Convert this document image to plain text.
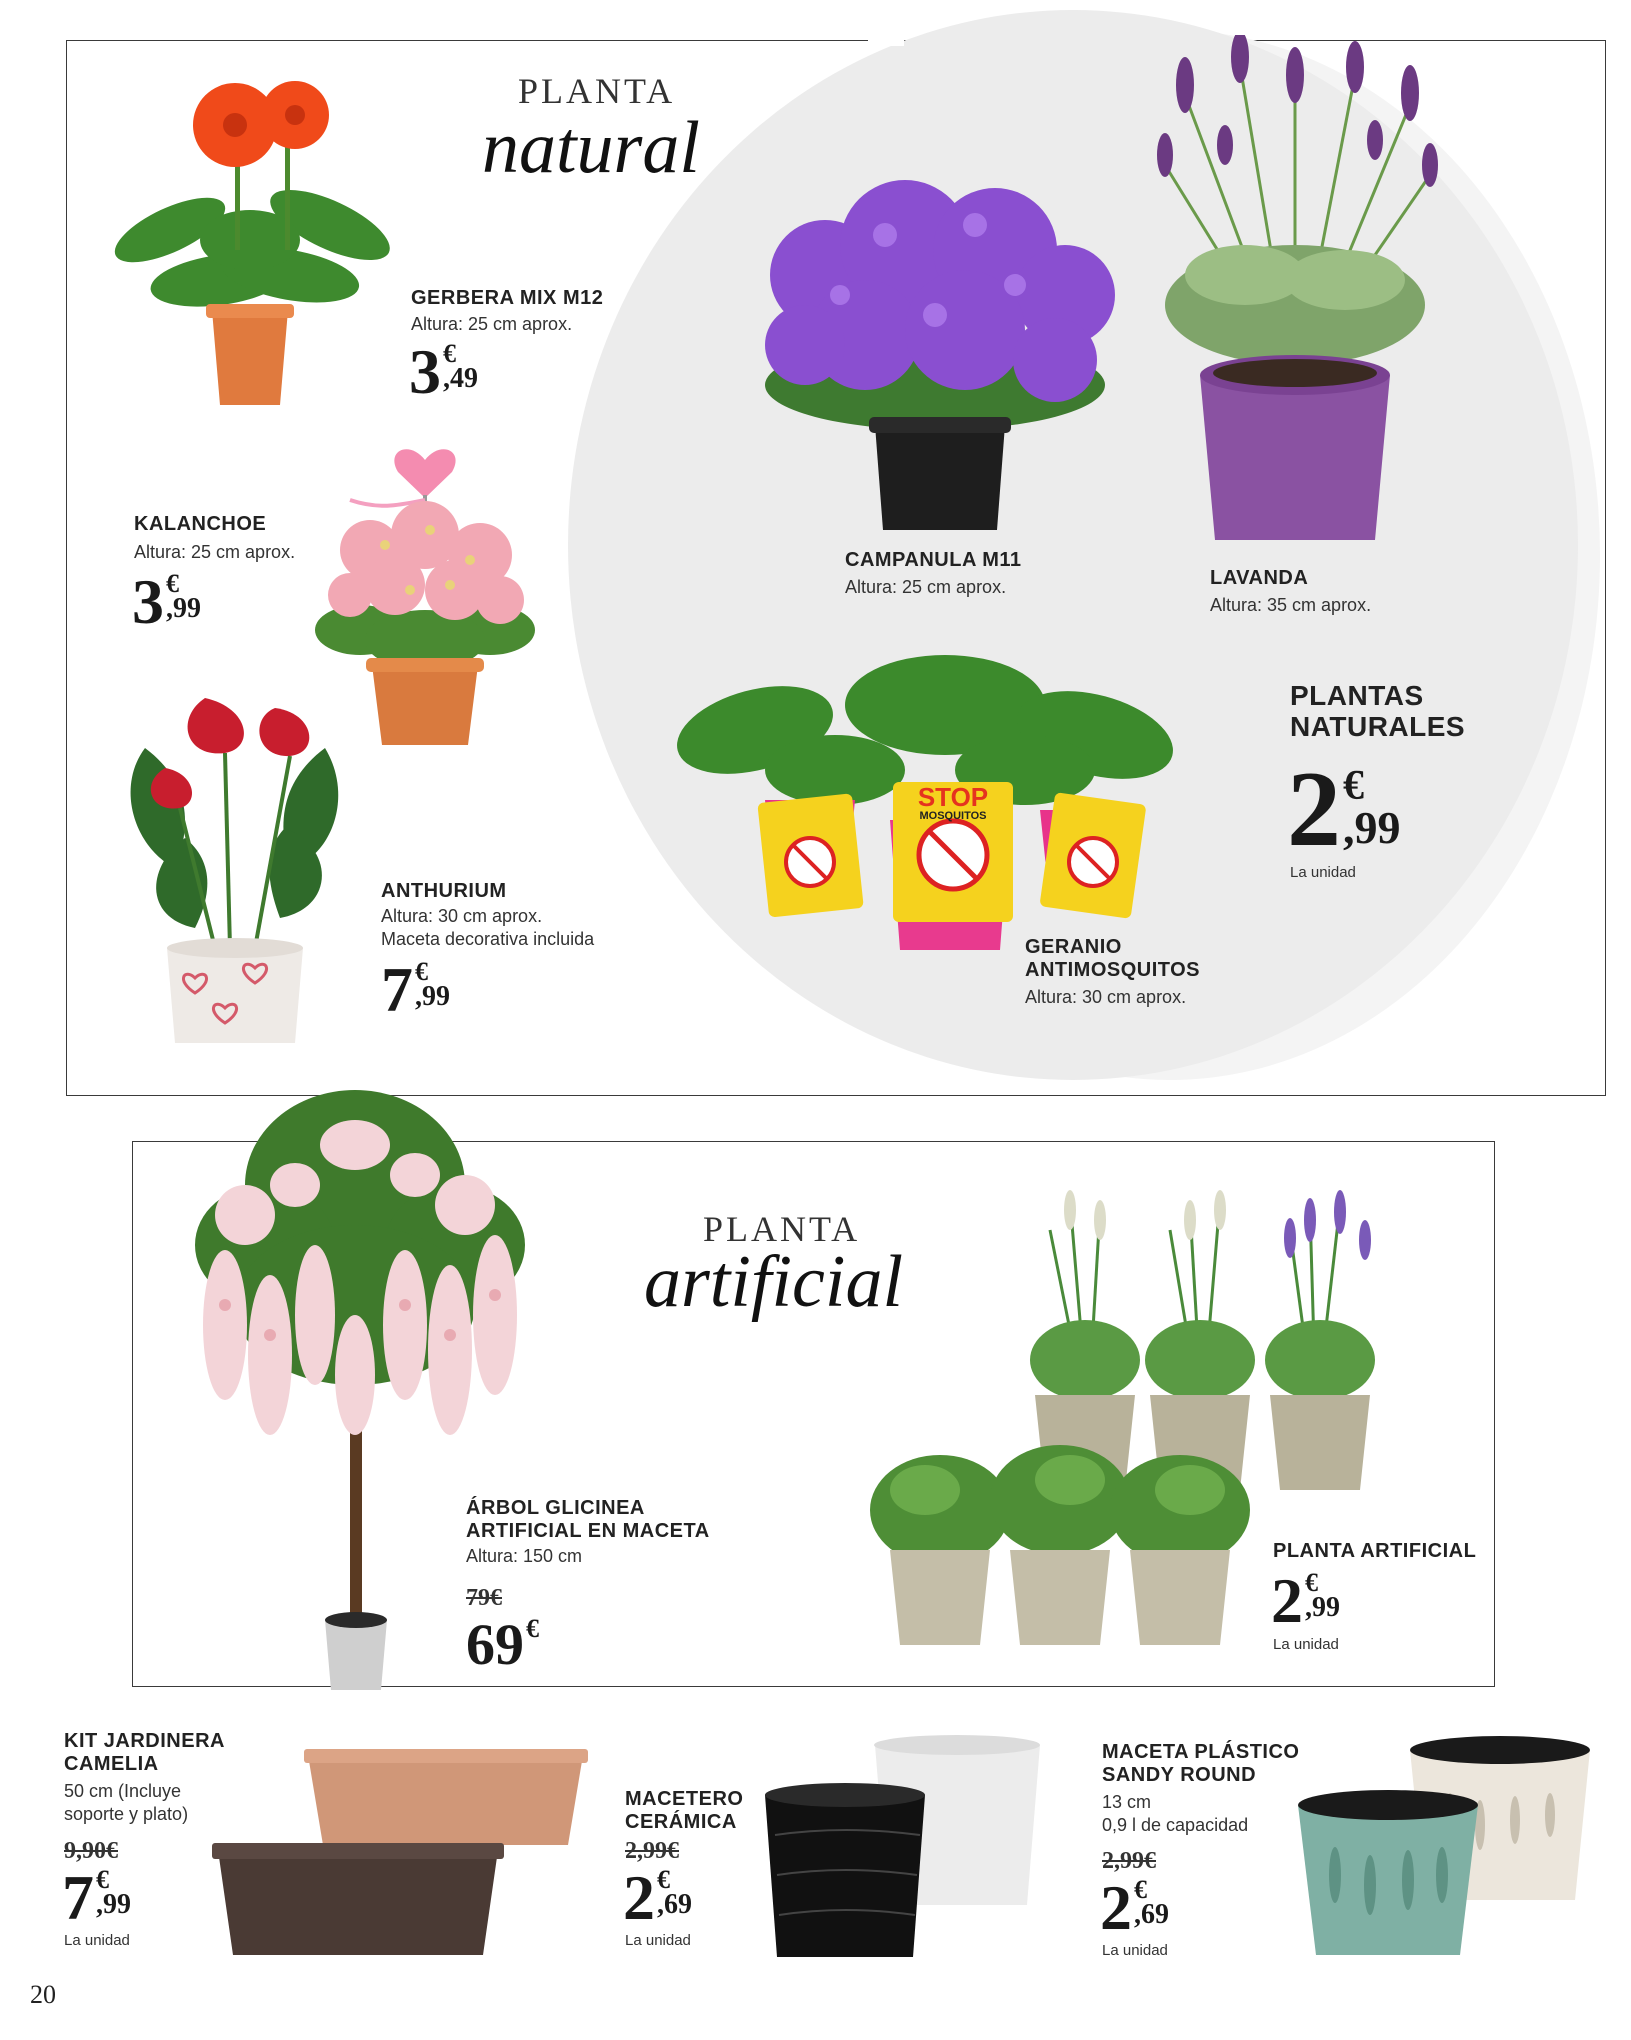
PLANTA
natural
GERBERA MIX M12
Altura: 25 cm aprox.
3 €
,49
KALANCHOE
Altura: 25 cm aprox.
3 €
,99
ANTHURIUM
Altura: 30 cm aprox.
Maceta decorativa incluida
7 €
,99
CAMPANULA M11
Altura: 25 cm aprox.	LAVANDA
Altura: 35 cm aprox.
PLANTAS
NATURALES
2 €
,99
La unidad
STOP
MOSQUITOS
GERANIO
ANTIMOSQUITOS
Altura: 30 cm aprox.
PLANTA
artificial
ÁRBOL GLICINEA
ARTIFICIAL EN MACETA
Altura: 150 cm
79€
69 €
PLANTA ARTIFICIAL
2 €
,99
La unidad
KIT JARDINERA
CAMELIA
50 cm (Incluye
soporte y plato)
9,90€
7 €
,99
La unidad
MACETERO
CERÁMICA
2,99€
2 €
,69
La unidad
MACETA PLÁSTICO
SANDY ROUND
13 cm
0,9 l de capacidad
2,99€
2 €
,69
La unidad
20
